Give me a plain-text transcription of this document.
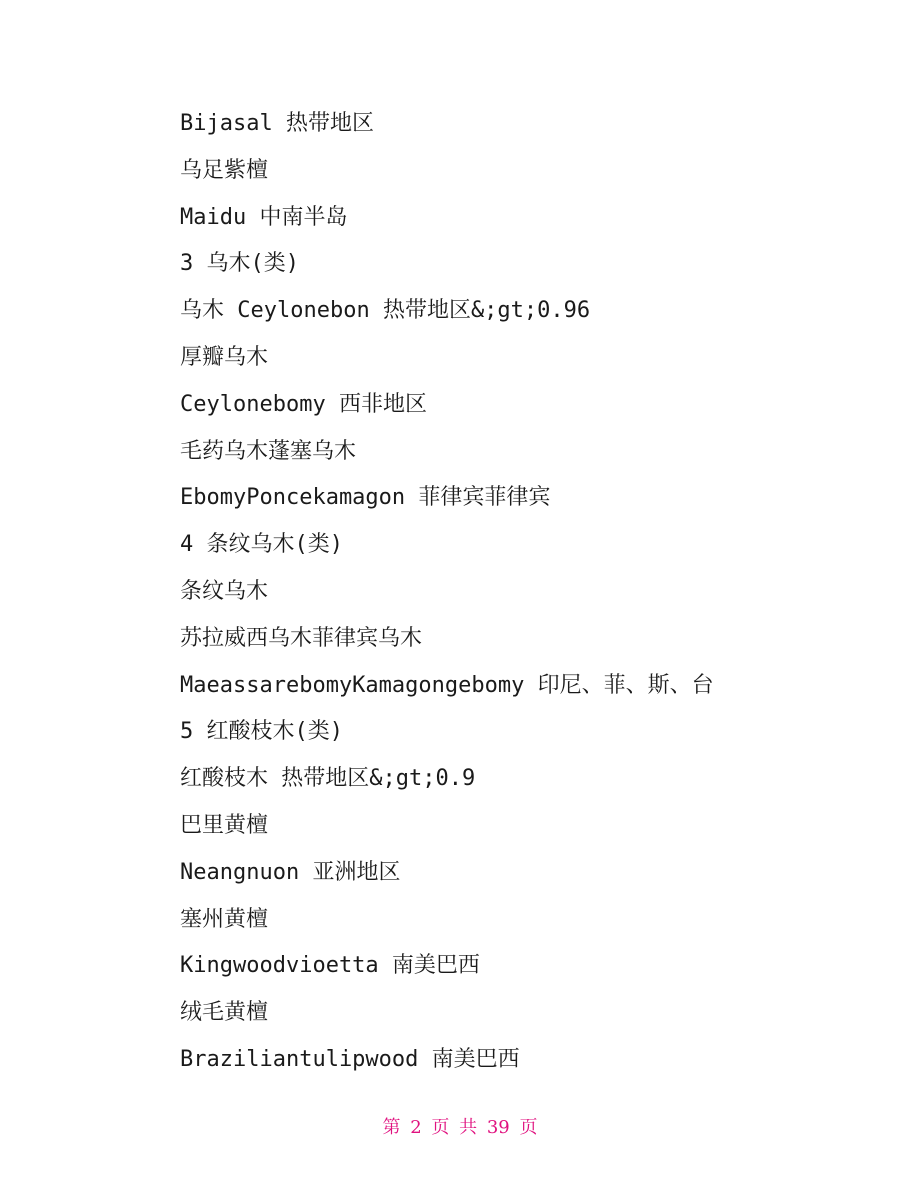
Bijasal 热带地区
乌足紫檀
Maidu 中南半岛
3 乌木(类)
乌木 Ceylonebon 热带地区&;gt;0.96
厚瓣乌木
Ceylonebomy 西非地区
毛药乌木蓬塞乌木
EbomyPoncekamagon 菲律宾菲律宾
4 条纹乌木(类)
条纹乌木
苏拉威西乌木菲律宾乌木
MaeassarebomyKamagongebomy 印尼、菲、斯、台
5 红酸枝木(类)
红酸枝木 热带地区&;gt;0.9
巴里黄檀
Neangnuon 亚洲地区
塞州黄檀
Kingwoodvioetta 南美巴西
绒毛黄檀
Braziliantulipwood 南美巴西
第 2 页 共 39 页
